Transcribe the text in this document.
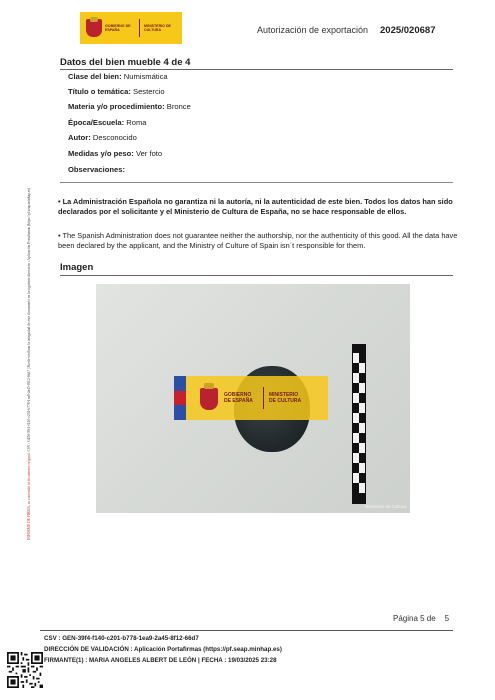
GOBIERNO DE ESPAÑA
MINISTERIO DE CULTURA	Autorización de exportación 2025/020687
INFORME DE FIRMA, su contenido al documento original. CSV : GEN-39f4-f140-c201-b778-1ea9-2a45-8f12-66d7 | Puede verificar la integridad de este documento en la siguiente dirección : Aplicación Portafirmas (https://pf.seap.minhap.es)
Datos del bien mueble 4 de 4
Clase del bien: Numismática
Título o temática: Sestercio
Materia y/o procedimiento: Bronce
Época/Escuela: Roma
Autor: Desconocido
Medidas y/o peso: Ver foto
Observaciones:
• La Administración Española no garantiza ni la autoría, ni la autenticidad de este bien. Todos los datos han sido declarados por el solicitante y el Ministerio de Cultura de España, no se hace responsable de ellos.
• The Spanish Administration does not guarantee neither the authorship, nor the authenticity of this good. All the data have been declared by the applicant, and the Ministry of Culture of Spain isn´t responsible for them.
Imagen
GOBIERNO DE ESPAÑA
MINISTERIO DE CULTURA
Ministerio de Cultura
Página 5 de 5
CSV : GEN-39f4-f140-c201-b778-1ea9-2a45-8f12-66d7
DIRECCIÓN DE VALIDACIÓN : Aplicación Portafirmas (https://pf.seap.minhap.es)
FIRMANTE(1) : MARIA ANGELES ALBERT DE LEÓN | FECHA : 19/03/2025 23:28
